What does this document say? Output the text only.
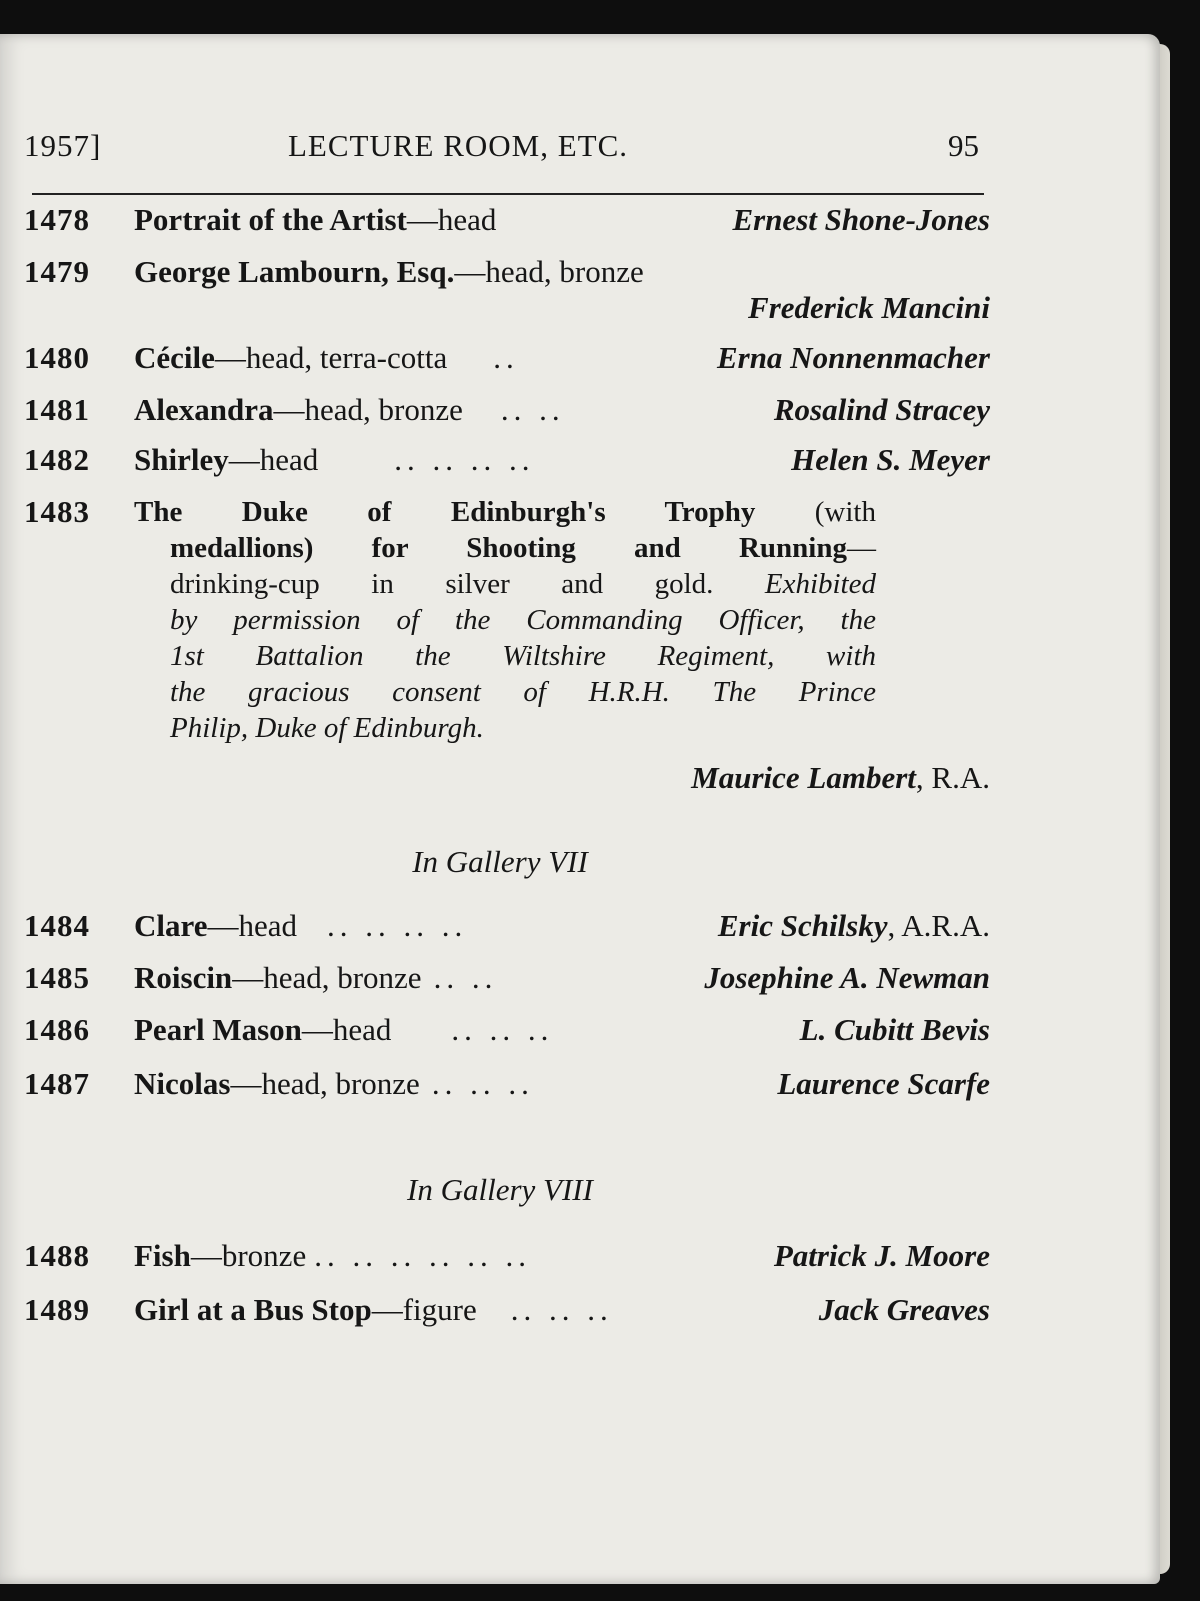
1957]	LECTURE ROOM, ETC.	95
1478 Portrait of the Artist—head	Ernest Shone-Jones
1479 George Lambourn, Esq.—head, bronze
Frederick Mancini
1480 Cécile—head, terra-cotta ..	Erna Nonnenmacher
1481 Alexandra—head, bronze .. ..	Rosalind Stracey
1482 Shirley—head .. .. .. ..	Helen S. Meyer
1483 The Duke of Edinburgh's Trophy (with
medallions) for Shooting and Running—
drinking-cup in silver and gold. Exhibited
by permission of the Commanding Officer, the
1st Battalion the Wiltshire Regiment, with
the gracious consent of H.R.H. The Prince
Philip, Duke of Edinburgh.
Maurice Lambert, R.A.
In Gallery VII
1484 Clare—head .. .. .. ..	Eric Schilsky, A.R.A.
1485 Roiscin—head, bronze .. ..	Josephine A. Newman
1486 Pearl Mason—head .. .. ..	L. Cubitt Bevis
1487 Nicolas—head, bronze .. .. ..	Laurence Scarfe
In Gallery VIII
1488 Fish—bronze .. .. .. .. .. ..	Patrick J. Moore
1489 Girl at a Bus Stop—figure .. .. ..	Jack Greaves
